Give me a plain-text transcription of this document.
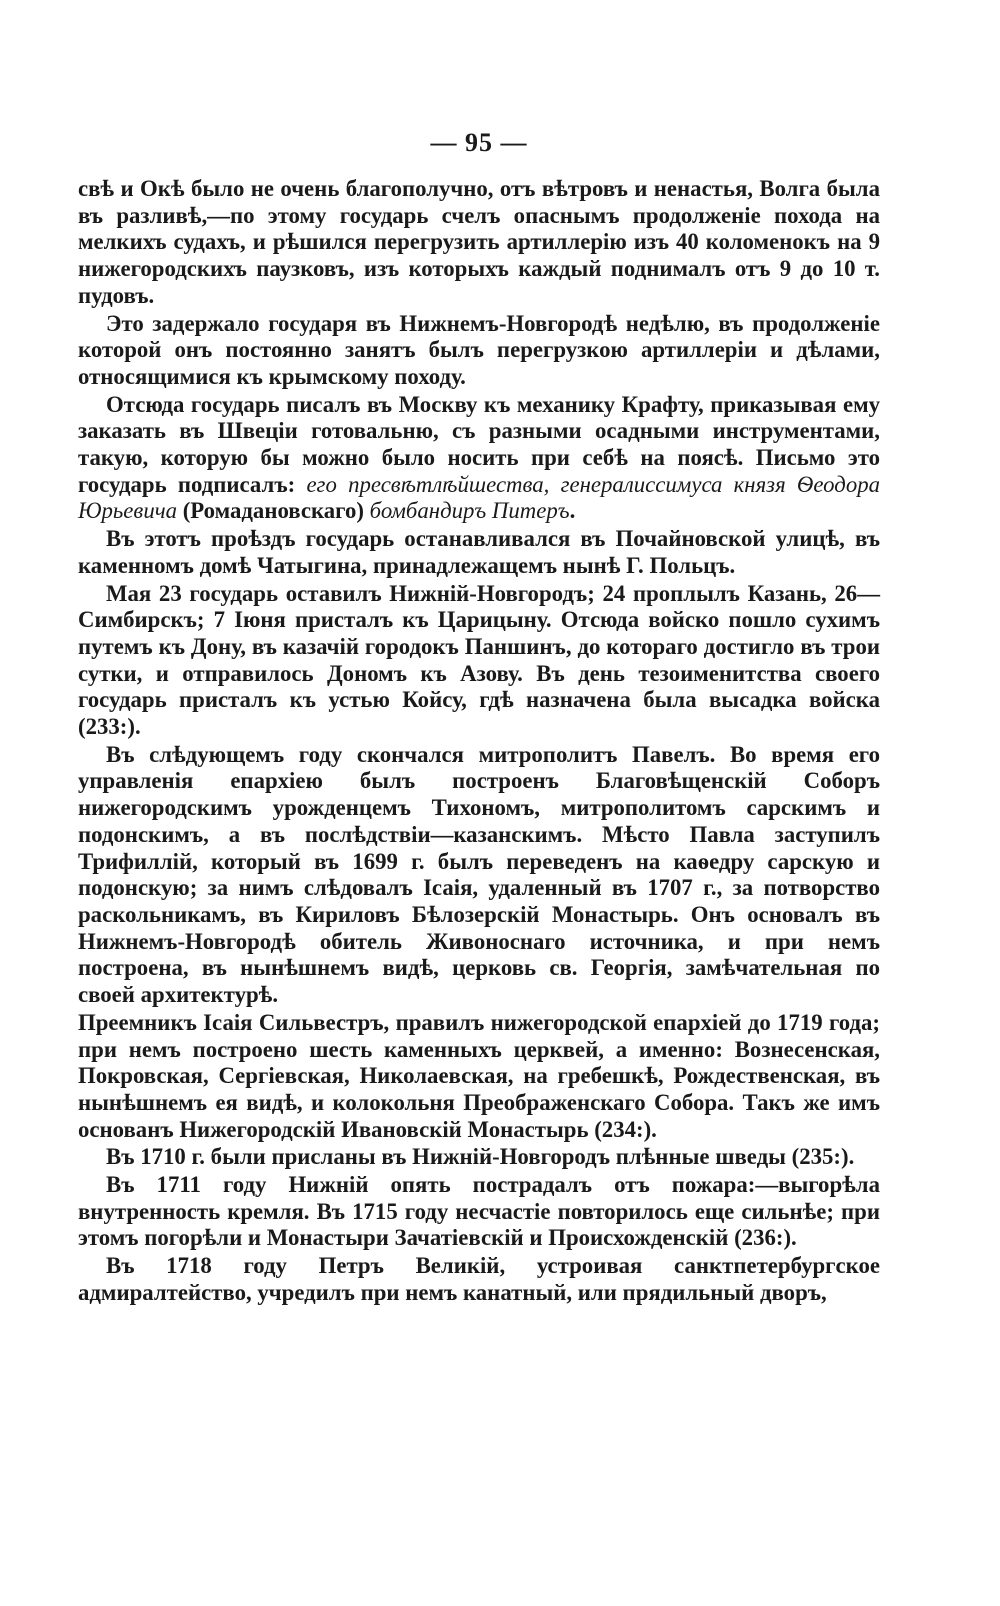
— 95 —

свѣ и Окѣ было не очень благополучно, отъ вѣтровъ и ненастья, Волга была въ разливѣ,—по этому государь счелъ опаснымъ продолженіе похода на мелкихъ судахъ, и рѣшился перегрузить артиллерію изъ 40 коломенокъ на 9 нижегородскихъ паузковъ, изъ которыхъ каждый поднималъ отъ 9 до 10 т. пудовъ.

Это задержало государя въ Нижнемъ-Новгородѣ недѣлю, въ продолженіе которой онъ постоянно занятъ былъ перегрузкою артиллеріи и дѣлами, относящимися къ крымскому походу.

Отсюда государь писалъ въ Москву къ механику Крафту, приказывая ему заказать въ Швеціи готовальню, съ разными осадными инструментами, такую, которую бы можно было носить при себѣ на поясѣ. Письмо это государь подписалъ: его пресвѣтлѣйшества, генералиссимуса князя Ѳеодора Юрьевича (Ромадановскаго) бомбандиръ Питеръ.

Въ этотъ проѣздъ государь останавливался въ Почайновской улицѣ, въ каменномъ домѣ Чатыгина, принадлежащемъ нынѣ Г. Польцъ.

Мая 23 государь оставилъ Нижній-Новгородъ; 24 проплылъ Казань, 26—Симбирскъ; 7 Іюня присталъ къ Царицыну. Отсюда войско пошло сухимъ путемъ къ Дону, въ казачій городокъ Паншинъ, до котораго достигло въ трои сутки, и отправилось Дономъ къ Азову. Въ день тезоименитства своего государь присталъ къ устью Койсу, гдѣ назначена была высадка войска (233:).

Въ слѣдующемъ году скончался митрополитъ Павелъ. Во время его управленія епархіею былъ построенъ Благовѣщенскій Соборъ нижегородскимъ урожденцемъ Тихономъ, митрополитомъ сарскимъ и подонскимъ, а въ послѣдствіи—казанскимъ. Мѣсто Павла заступилъ Трифиллій, который въ 1699 г. былъ переведенъ на каѳедру сарскую и подонскую; за нимъ слѣдовалъ Ісаія, удаленный въ 1707 г., за потворство раскольникамъ, въ Кириловъ Бѣлозерскій Монастырь. Онъ основалъ въ Нижнемъ-Новгородѣ обитель Живоноснаго источника, и при немъ построена, въ нынѣшнемъ видѣ, церковь св. Георгія, замѣчательная по своей архитектурѣ.

Преемникъ Ісаія Сильвестръ, правилъ нижегородской епархіей до 1719 года; при немъ построено шесть каменныхъ церквей, а именно: Вознесенская, Покровская, Сергіевская, Николаевская, на гребешкѣ, Рождественская, въ нынѣшнемъ ея видѣ, и колокольня Преображенскаго Собора. Такъ же имъ основанъ Нижегородскій Ивановскій Монастырь (234:).

Въ 1710 г. были присланы въ Нижній-Новгородъ плѣнные шведы (235:).

Въ 1711 году Нижній опять пострадалъ отъ пожара:—выгорѣла внутренность кремля. Въ 1715 году несчастіе повторилось еще сильнѣе; при этомъ погорѣли и Монастыри Зачатіевскій и Происхожденскій (236:).

Въ 1718 году Петръ Великій, устроивая санктпетербургское адмиралтейство, учредилъ при немъ канатный, или прядильный дворъ,
